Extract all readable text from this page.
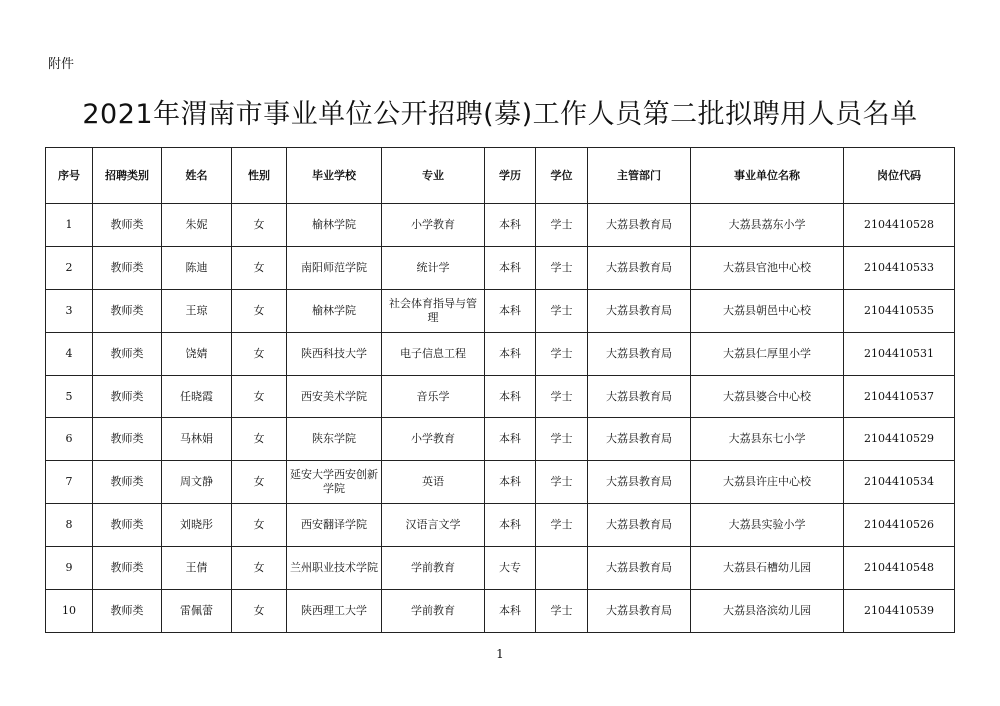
附件
2021年渭南市事业单位公开招聘(募)工作人员第二批拟聘用人员名单
序号	招聘类别	姓名	性别	毕业学校	专业	学历	学位	主管部门	事业单位名称	岗位代码
1	教师类	朱妮	女	榆林学院	小学教育	本科	学士	大荔县教育局	大荔县荔东小学	2104410528
2	教师类	陈迪	女	南阳师范学院	统计学	本科	学士	大荔县教育局	大荔县官池中心校	2104410533
3	教师类	王琼	女	榆林学院	社会体育指导与管理	本科	学士	大荔县教育局	大荔县朝邑中心校	2104410535
4	教师类	饶婧	女	陕西科技大学	电子信息工程	本科	学士	大荔县教育局	大荔县仁厚里小学	2104410531
5	教师类	任晓霞	女	西安美术学院	音乐学	本科	学士	大荔县教育局	大荔县婆合中心校	2104410537
6	教师类	马林娟	女	陕东学院	小学教育	本科	学士	大荔县教育局	大荔县东七小学	2104410529
7	教师类	周文静	女	延安大学西安创新学院	英语	本科	学士	大荔县教育局	大荔县许庄中心校	2104410534
8	教师类	刘晓彤	女	西安翻译学院	汉语言文学	本科	学士	大荔县教育局	大荔县实验小学	2104410526
9	教师类	王倩	女	兰州职业技术学院	学前教育	大专		大荔县教育局	大荔县石槽幼儿园	2104410548
10	教师类	雷佩蕾	女	陕西理工大学	学前教育	本科	学士	大荔县教育局	大荔县洛滨幼儿园	2104410539
1
